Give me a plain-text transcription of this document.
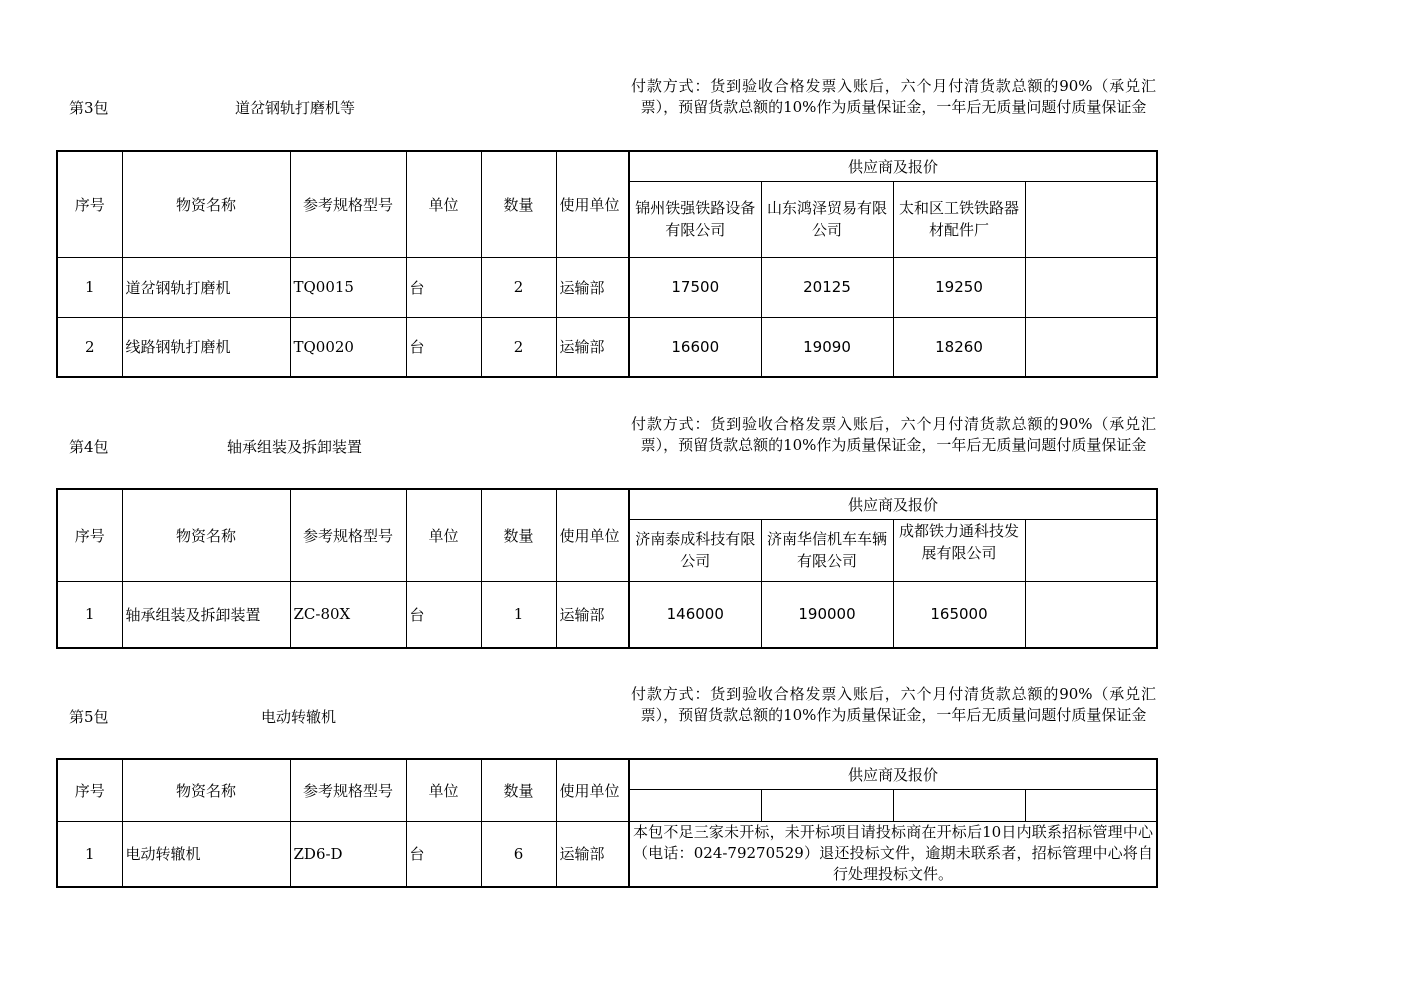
第3包	道岔钢轨打磨机等
付款方式：货到验收合格发票入账后，六个月付清货款总额的90%（承兑汇票），预留货款总额的10%作为质量保证金，一年后无质量问题付质量保证金
序号	物资名称	参考规格型号	单位	数量	使用单位	供应商及报价			
						锦州铁强铁路设备有限公司	山东鸿泽贸易有限公司	太和区工铁铁路器材配件厂	
1	道岔钢轨打磨机	TQ0015	台	2	运输部	17500	20125	19250	
2	线路钢轨打磨机	TQ0020	台	2	运输部	16600	19090	18260	
第4包	轴承组装及拆卸装置
付款方式：货到验收合格发票入账后，六个月付清货款总额的90%（承兑汇票），预留货款总额的10%作为质量保证金，一年后无质量问题付质量保证金
序号	物资名称	参考规格型号	单位	数量	使用单位	供应商及报价			
						济南泰成科技有限公司	济南华信机车车辆有限公司	成都铁力通科技发展有限公司	
1	轴承组装及拆卸装置	ZC-80X	台	1	运输部	146000	190000	165000	
第5包	电动转辙机
付款方式：货到验收合格发票入账后，六个月付清货款总额的90%（承兑汇票），预留货款总额的10%作为质量保证金，一年后无质量问题付质量保证金
序号	物资名称	参考规格型号	单位	数量	使用单位	供应商及报价			

1	电动转辙机	ZD6-D	台	6	运输部	本包不足三家未开标，未开标项目请投标商在开标后10日内联系招标管理中心（电话：024-79270529）退还投标文件，逾期未联系者，招标管理中心将自行处理投标文件。			
